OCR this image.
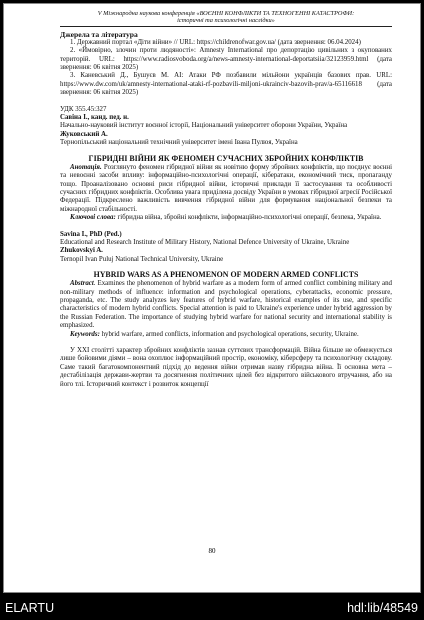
V Міжнародна наукова конференція «ВОЄННІ КОНФЛІКТИ ТА ТЕХНОГЕННІ КАТАСТРОФИ:
історичні та психологічні наслідки»
Джерела та література
1. Державний портал «Діти війни» // URL: https://childrenofwar.gov.ua/ (дата звернення: 06.04.2024)
2. «Ймовірно, злочин проти людяності»: Amnesty International про депортацію цивільних з окупованих територій. URL: https://www.radiosvoboda.org/a/news-amnesty-international-deportatsiia/32123959.html (дата звернення: 06 квітня 2025)
3. Каневський Д., Бушуєв М. АІ: Атаки РФ позбавили мільйони українців базових прав. URL: https://www.dw.com/uk/amnesty-international-ataki-rf-pozbavili-miljoni-ukrainciv-bazovih-prav/a-65116618 (дата звернення: 06 квітня 2025)
УДК 355.45:327
Савіна І., канд. пед. н.
Начально-науковий інститут воєнної історії, Національний університет оборони України, Україна
Жуковський А.
Тернопільський національний технічний університет імені Івана Пулюя, Україна
ГІБРИДНІ ВІЙНИ ЯК ФЕНОМЕН СУЧАСНИХ ЗБРОЙНИХ КОНФЛІКТІВ
Анотація. Розглянуто феномен гібридної війни як новітню форму збройних конфліктів, що поєднує воєнні та невоєнні засоби впливу: інформаційно-психологічні операції, кібератаки, економічний тиск, пропаганду тощо. Проаналізовано основні риси гібридної війни, історичні приклади її застосування та особливості сучасних гібридних конфліктів. Особлива увага приділена досвіду України в умовах гібридної агресії Російської Федерації. Підкреслено важливість вивчення гібридної війни для формування національної безпеки та міжнародної стабільності.
Ключові слова: гібридна війна, збройні конфлікти, інформаційно-психологічні операції, безпека, Україна.
Savina I., PhD (Ped.)
Educational and Research Institute of Military History, National Defence University of Ukraine, Ukraine
Zhukovskyi A.
Ternopil Ivan Puluj National Technical University, Ukraine
HYBRID WARS AS A PHENOMENON OF MODERN ARMED CONFLICTS
Abstract. Examines the phenomenon of hybrid warfare as a modern form of armed conflict combining military and non-military methods of influence: information and psychological operations, cyberattacks, economic pressure, propaganda, etc. The study analyzes key features of hybrid warfare, historical examples of its use, and specific characteristics of modern hybrid conflicts. Special attention is paid to Ukraine's experience under hybrid aggression by the Russian Federation. The importance of studying hybrid warfare for national security and international stability is emphasized.
Keywords: hybrid warfare, armed conflicts, information and psychological operations, security, Ukraine.
У XXI столітті характер збройних конфліктів зазнав суттєвих трансформацій. Війна більше не обмежується лише бойовими діями – вона охоплює інформаційний простір, економіку, кіберсферу та психологічну складову. Саме такий багатокомпонентний підхід до ведення війни отримав назву гібридна війна. Її основна мета – дестабілізація держави-жертви та досягнення політичних цілей без відкритого військового втручання, або на його тлі. Історичний контекст і розвиток концепції
80
ELARTU	hdl:lib/48549
